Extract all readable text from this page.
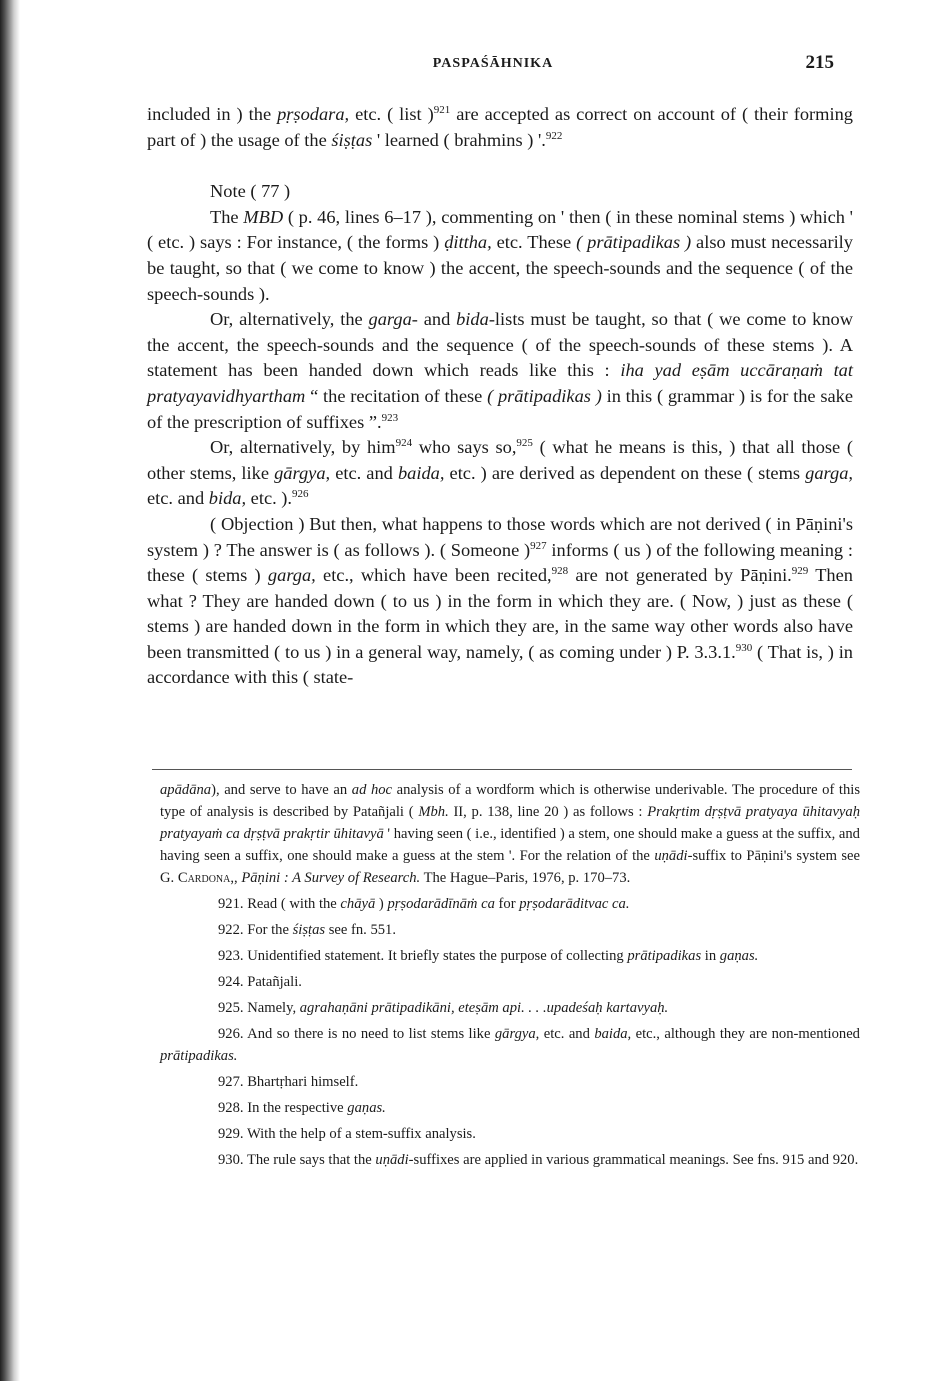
PASPAŚĀHNIKA	215

included in ) the pṛṣodara, etc. ( list )$^{921}$ are accepted as correct on account of ( their forming part of ) the usage of the śiṣṭas ' learned ( brahmins ) '.$^{922}$

Note ( 77 )

The MBD ( p. 46, lines 6–17 ), commenting on ' then ( in these nominal stems ) which ' ( etc. ) says : For instance, ( the forms ) ḍittha, etc. These ( prātipadikas ) also must necessarily be taught, so that ( we come to know ) the accent, the speech-sounds and the sequence ( of the speech-sounds ).

Or, alternatively, the garga- and bida-lists must be taught, so that ( we come to know the accent, the speech-sounds and the sequence ( of the speech-sounds of these stems ). A statement has been handed down which reads like this : iha yad eṣām uccāraṇaṁ tat pratyayavidhyartham “ the recitation of these ( prātipadikas ) in this ( grammar ) is for the sake of the prescription of suffixes ”.$^{923}$

Or, alternatively, by him$^{924}$ who says so,$^{925}$ ( what he means is this, ) that all those ( other stems, like gārgya, etc. and baida, etc. ) are derived as dependent on these ( stems garga, etc. and bida, etc. ).$^{926}$

( Objection ) But then, what happens to those words which are not derived ( in Pāṇini's system ) ? The answer is ( as follows ). ( Someone )$^{927}$ informs ( us ) of the following meaning : these ( stems ) garga, etc., which have been recited,$^{928}$ are not generated by Pāṇini.$^{929}$ Then what ? They are handed down ( to us ) in the form in which they are. ( Now, ) just as these ( stems ) are handed down in the form in which they are, in the same way other words also have been transmitted ( to us ) in a general way, namely, ( as coming under ) P. 3.3.1.$^{930}$ ( That is, ) in accordance with this ( state-

apādāna), and serve to have an ad hoc analysis of a wordform which is otherwise underivable. The procedure of this type of analysis is described by Patañjali ( Mbh. II, p. 138, line 20 ) as follows : Prakṛtim dṛṣṭvā pratyaya ūhitavyaḥ pratyayaṁ ca dṛṣṭvā prakṛtir ūhitavyā ' having seen ( i.e., identified ) a stem, one should make a guess at the suffix, and having seen a suffix, one should make a guess at the stem '. For the relation of the uṇādi-suffix to Pāṇini's system see G. Cardona,, Pāṇini : A Survey of Research. The Hague–Paris, 1976, p. 170–73.

921. Read ( with the chāyā ) pṛṣodarādīnāṁ ca for pṛṣodarāditvac ca.

922. For the śiṣṭas see fn. 551.

923. Unidentified statement. It briefly states the purpose of collecting prātipadikas in gaṇas.

924. Patañjali.

925. Namely, agrahaṇāni prātipadikāni, eteṣām api. . . .upadeśaḥ kartavyaḥ.

926. And so there is no need to list stems like gārgya, etc. and baida, etc., although they are non-mentioned prātipadikas.

927. Bhartṛhari himself.

928. In the respective gaṇas.

929. With the help of a stem-suffix analysis.

930. The rule says that the uṇādi-suffixes are applied in various grammatical meanings. See fns. 915 and 920.
